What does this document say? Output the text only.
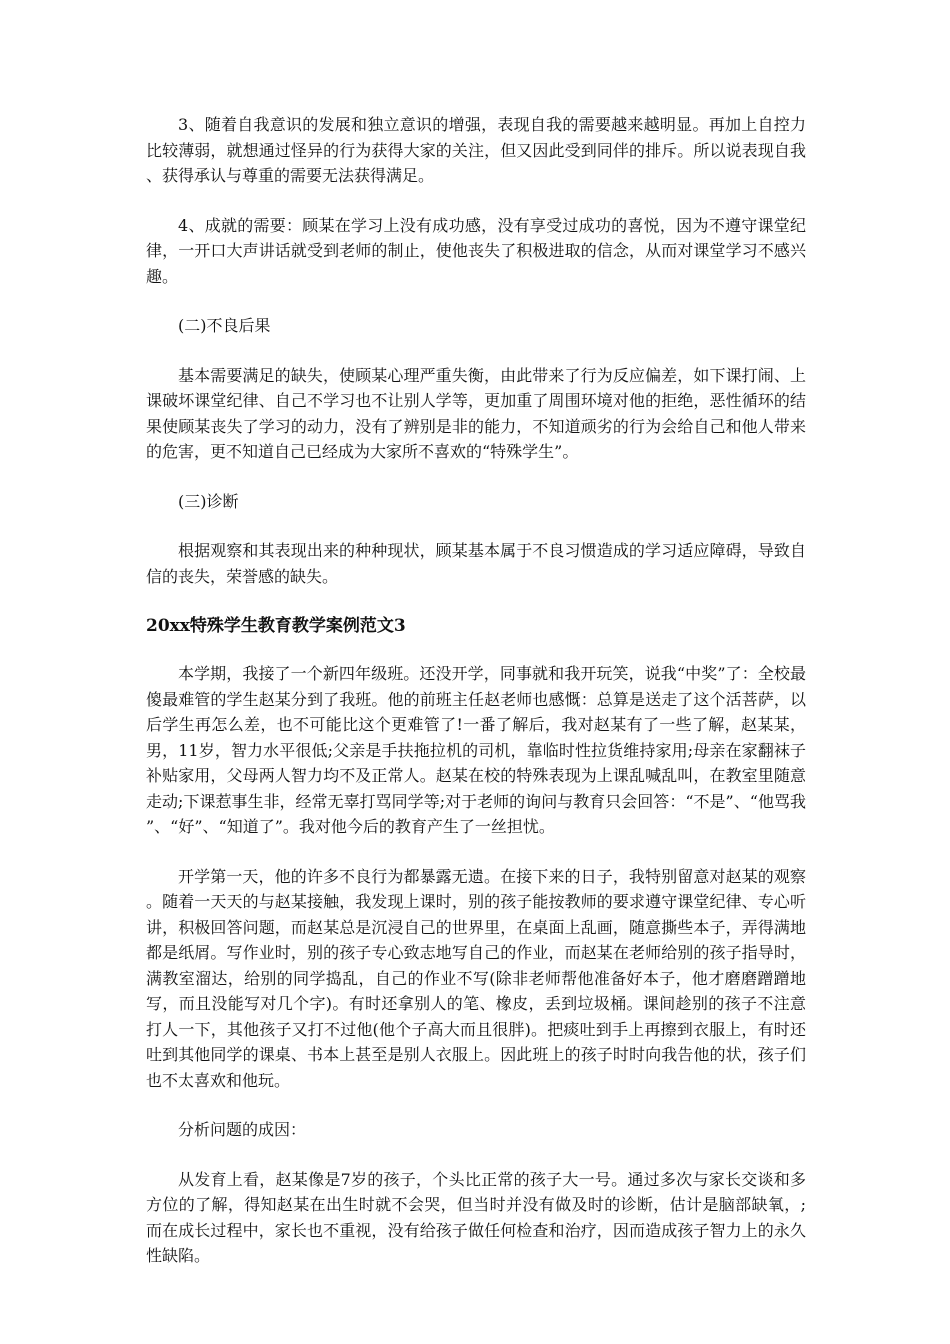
3、随着自我意识的发展和独立意识的增强，表现自我的需要越来越明显。再加上自控力比较薄弱，就想通过怪异的行为获得大家的关注，但又因此受到同伴的排斥。所以说表现自我、获得承认与尊重的需要无法获得满足。

4、成就的需要：顾某在学习上没有成功感，没有享受过成功的喜悦，因为不遵守课堂纪律，一开口大声讲话就受到老师的制止，使他丧失了积极进取的信念，从而对课堂学习不感兴趣。

(二)不良后果

基本需要满足的缺失，使顾某心理严重失衡，由此带来了行为反应偏差，如下课打闹、上课破坏课堂纪律、自己不学习也不让别人学等，更加重了周围环境对他的拒绝，恶性循环的结果使顾某丧失了学习的动力，没有了辨别是非的能力，不知道顽劣的行为会给自己和他人带来的危害，更不知道自己已经成为大家所不喜欢的“特殊学生”。

(三)诊断

根据观察和其表现出来的种种现状，顾某基本属于不良习惯造成的学习适应障碍，导致自信的丧失，荣誉感的缺失。

20xx特殊学生教育教学案例范文3

本学期，我接了一个新四年级班。还没开学，同事就和我开玩笑，说我“中奖”了：全校最傻最难管的学生赵某分到了我班。他的前班主任赵老师也感慨：总算是送走了这个活菩萨，以后学生再怎么差，也不可能比这个更难管了!一番了解后，我对赵某有了一些了解，赵某某，男，11岁，智力水平很低;父亲是手扶拖拉机的司机，靠临时性拉货维持家用;母亲在家翻袜子补贴家用，父母两人智力均不及正常人。赵某在校的特殊表现为上课乱喊乱叫，在教室里随意走动;下课惹事生非，经常无辜打骂同学等;对于老师的询问与教育只会回答：“不是”、“他骂我”、“好”、“知道了”。我对他今后的教育产生了一丝担忧。

开学第一天，他的许多不良行为都暴露无遗。在接下来的日子，我特别留意对赵某的观察。随着一天天的与赵某接触，我发现上课时，别的孩子能按教师的要求遵守课堂纪律、专心听讲，积极回答问题，而赵某总是沉浸自己的世界里，在桌面上乱画，随意撕些本子，弄得满地都是纸屑。写作业时，别的孩子专心致志地写自己的作业，而赵某在老师给别的孩子指导时，满教室溜达，给别的同学捣乱，自己的作业不写(除非老师帮他准备好本子，他才磨磨蹭蹭地写，而且没能写对几个字)。有时还拿别人的笔、橡皮，丢到垃圾桶。课间趁别的孩子不注意打人一下，其他孩子又打不过他(他个子高大而且很胖)。把痰吐到手上再擦到衣服上，有时还吐到其他同学的课桌、书本上甚至是别人衣服上。因此班上的孩子时时向我告他的状，孩子们也不太喜欢和他玩。

分析问题的成因：

从发育上看，赵某像是7岁的孩子，个头比正常的孩子大一号。通过多次与家长交谈和多方位的了解，得知赵某在出生时就不会哭，但当时并没有做及时的诊断，估计是脑部缺氧，;而在成长过程中，家长也不重视，没有给孩子做任何检查和治疗，因而造成孩子智力上的永久性缺陷。
